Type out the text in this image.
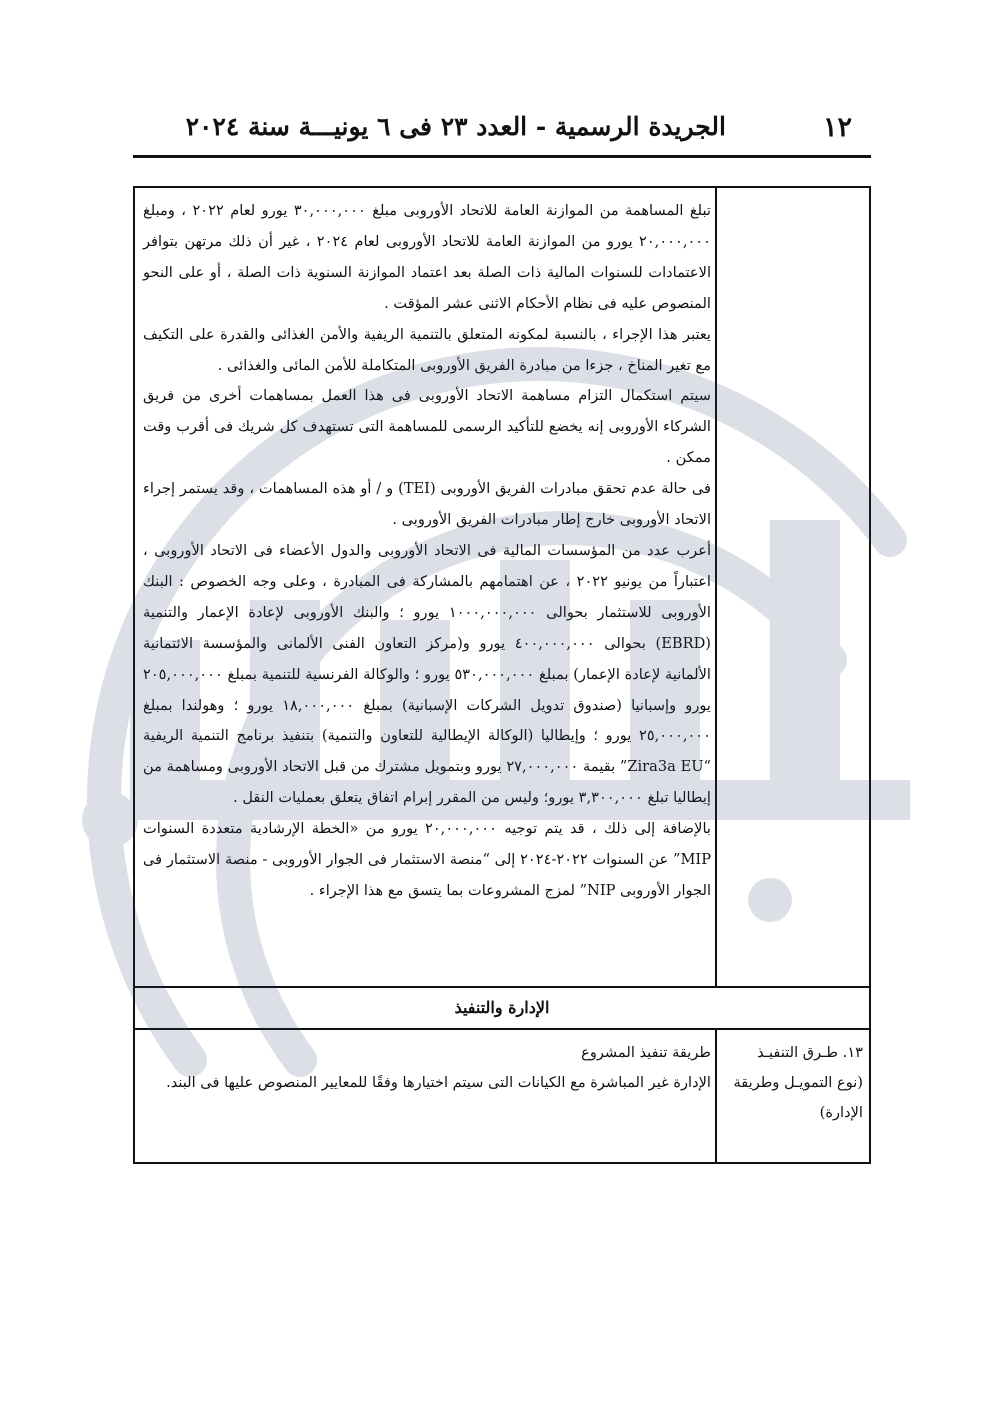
١٢
الجريدة الرسمية - العدد ٢٣ فى ٦ يونيـــة سنة ٢٠٢٤

تبلغ المساهمة من الموازنة العامة للاتحاد الأوروبى مبلغ ٣٠,٠٠٠,٠٠٠ يورو لعام ٢٠٢٢ ، ومبلغ ٢٠,٠٠٠,٠٠٠ يورو من الموازنة العامة للاتحاد الأوروبى لعام ٢٠٢٤ ، غير أن ذلك مرتهن بتوافر الاعتمادات للسنوات المالية ذات الصلة بعد اعتماد الموازنة السنوية ذات الصلة ، أو على النحو المنصوص عليه فى نظام الأحكام الاثنى عشر المؤقت .

يعتبر هذا الإجراء ، بالنسبة لمكونه المتعلق بالتنمية الريفية والأمن الغذائى والقدرة على التكيف مع تغير المناخ ، جزءا من مبادرة الفريق الأوروبى المتكاملة للأمن المائى والغذائى .

سيتم استكمال التزام مساهمة الاتحاد الأوروبى فى هذا العمل بمساهمات أخرى من فريق الشركاء الأوروبى إنه يخضع للتأكيد الرسمى للمساهمة التى تستهدف كل شريك فى أقرب وقت ممكن .

فى حالة عدم تحقق مبادرات الفريق الأوروبى (TEI) و / أو هذه المساهمات ، وقد يستمر إجراء الاتحاد الأوروبى خارج إطار مبادرات الفريق الأوروبى .

أعرب عدد من المؤسسات المالية فى الاتحاد الأوروبى والدول الأعضاء فى الاتحاد الأوروبى ، اعتباراً من يونيو ٢٠٢٢ ، عن اهتمامهم بالمشاركة فى المبادرة ، وعلى وجه الخصوص : البنك الأوروبى للاستثمار بحوالى ١٠٠٠,٠٠٠,٠٠٠ يورو ؛ والبنك الأوروبى لإعادة الإعمار والتنمية (EBRD) بحوالى ٤٠٠,٠٠٠,٠٠٠ يورو و(مركز التعاون الفنى الألمانى والمؤسسة الائتمانية الألمانية لإعادة الإعمار) بمبلغ ٥٣٠,٠٠٠,٠٠٠ يورو ؛ والوكالة الفرنسية للتنمية بمبلغ ٢٠٥,٠٠٠,٠٠٠ يورو وإسبانيا (صندوق تدويل الشركات الإسبانية) بمبلغ ١٨,٠٠٠,٠٠٠ يورو ؛ وهولندا بمبلغ ٢٥,٠٠٠,٠٠٠ يورو ؛ وإيطاليا (الوكالة الإيطالية للتعاون والتنمية) بتنفيذ برنامج التنمية الريفية “Zira3a EU” بقيمة ٢٧,٠٠٠,٠٠٠ يورو وبتمويل مشترك من قبل الاتحاد الأوروبى ومساهمة من إيطاليا تبلغ ٣,٣٠٠,٠٠٠ يورو؛ وليس من المقرر إبرام اتفاق يتعلق بعمليات النقل .

بالإضافة إلى ذلك ، قد يتم توجيه ٢٠,٠٠٠,٠٠٠ يورو من «الخطة الإرشادية متعددة السنوات MIP” عن السنوات ٢٠٢٢-٢٠٢٤ إلى “منصة الاستثمار فى الجوار الأوروبى - منصة الاستثمار فى الجوار الأوروبى NIP” لمزج المشروعات بما يتسق مع هذا الإجراء .

الإدارة والتنفيذ

١٣. طـرق التنفيـذ

(نوع التمويـل وطريقة

الإدارة)

طريقة تنفيذ المشروع

الإدارة غير المباشرة مع الكيانات التى سيتم اختيارها وفقًا للمعايير المنصوص عليها فى البند.
